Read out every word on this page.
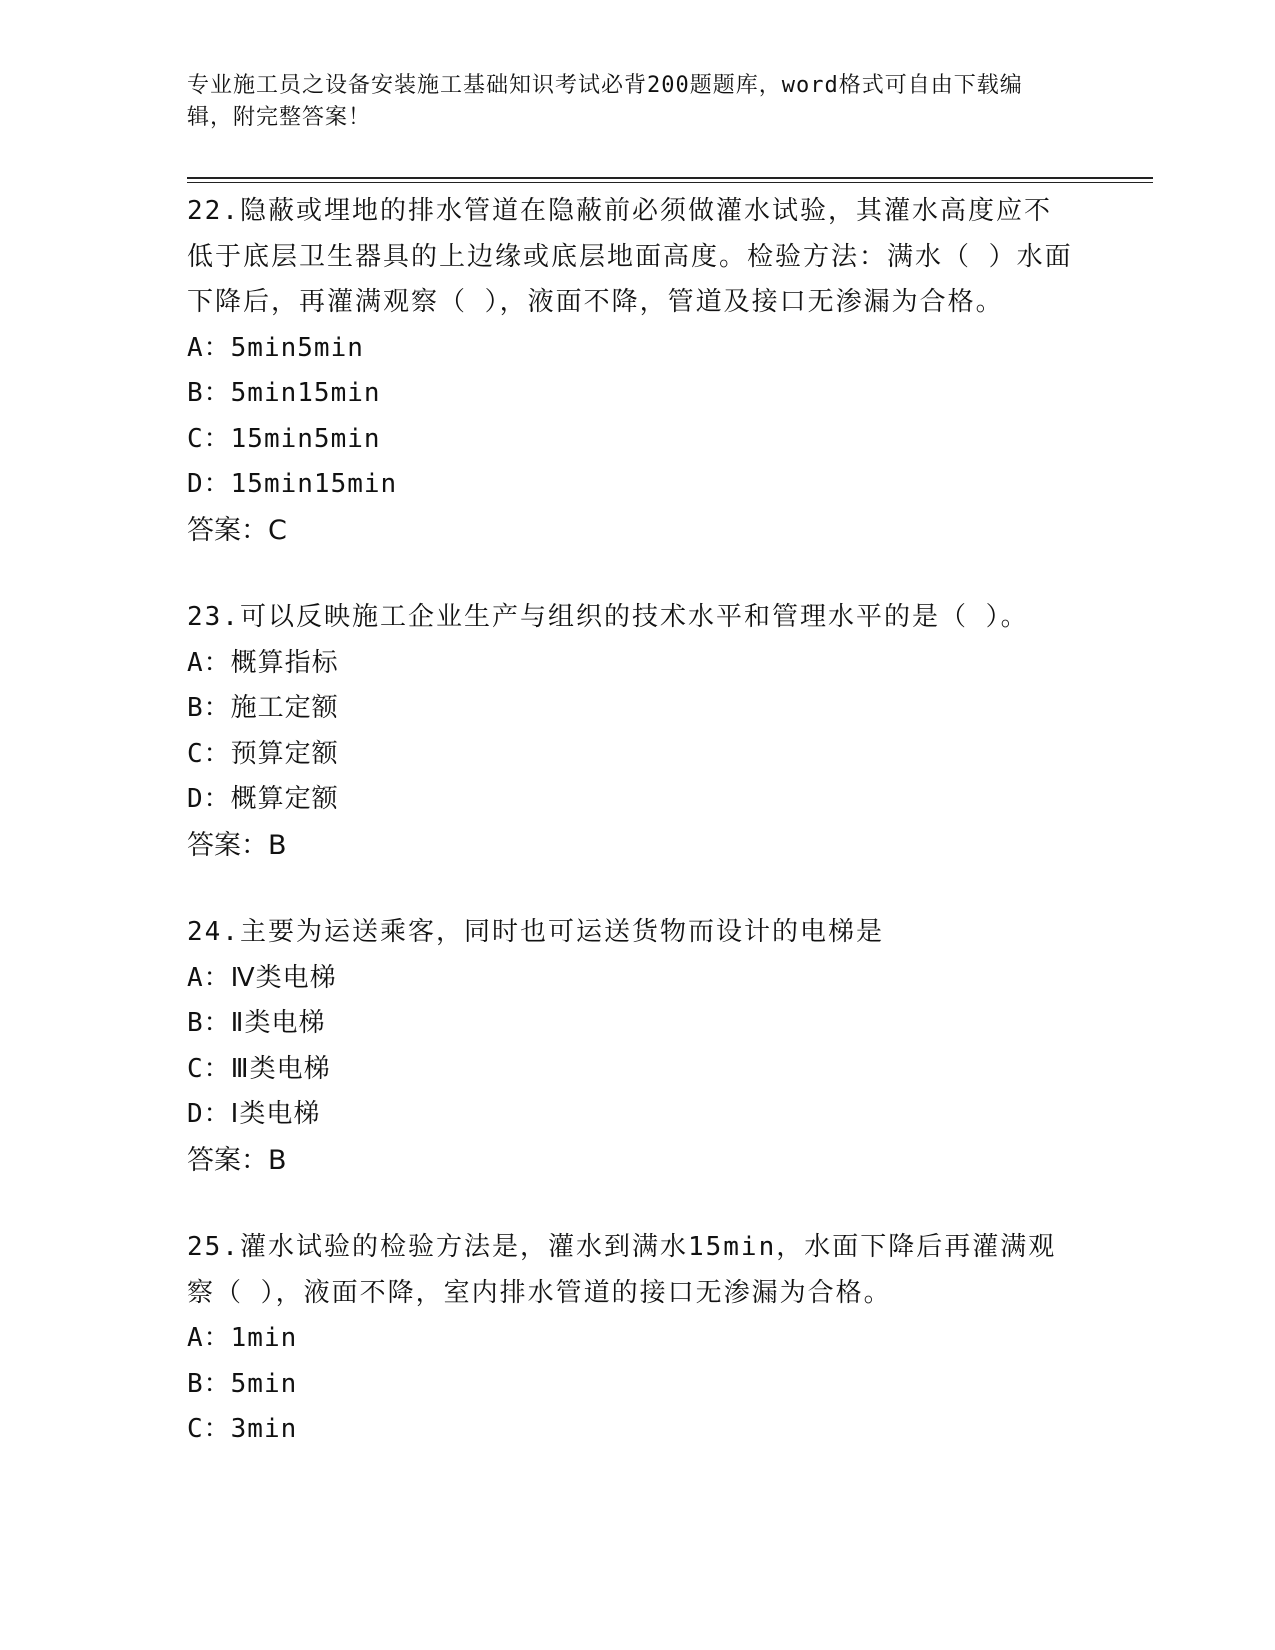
专业施工员之设备安装施工基础知识考试必背200题题库，word格式可自由下载编辑，附完整答案！

22.隐蔽或埋地的排水管道在隐蔽前必须做灌水试验，其灌水高度应不低于底层卫生器具的上边缘或底层地面高度。检验方法：满水（ ）水面下降后，再灌满观察（ ），液面不降，管道及接口无渗漏为合格。

A：5min5min

B：5min15min

C：15min5min

D：15min15min

答案：C

23.可以反映施工企业生产与组织的技术水平和管理水平的是（ ）。

A：概算指标

B：施工定额

C：预算定额

D：概算定额

答案：B

24.主要为运送乘客，同时也可运送货物而设计的电梯是

A：Ⅳ类电梯

B：Ⅱ类电梯

C：Ⅲ类电梯

D：Ⅰ类电梯

答案：B

25.灌水试验的检验方法是，灌水到满水15min，水面下降后再灌满观察（ ），液面不降，室内排水管道的接口无渗漏为合格。

A：1min

B：5min

C：3min
